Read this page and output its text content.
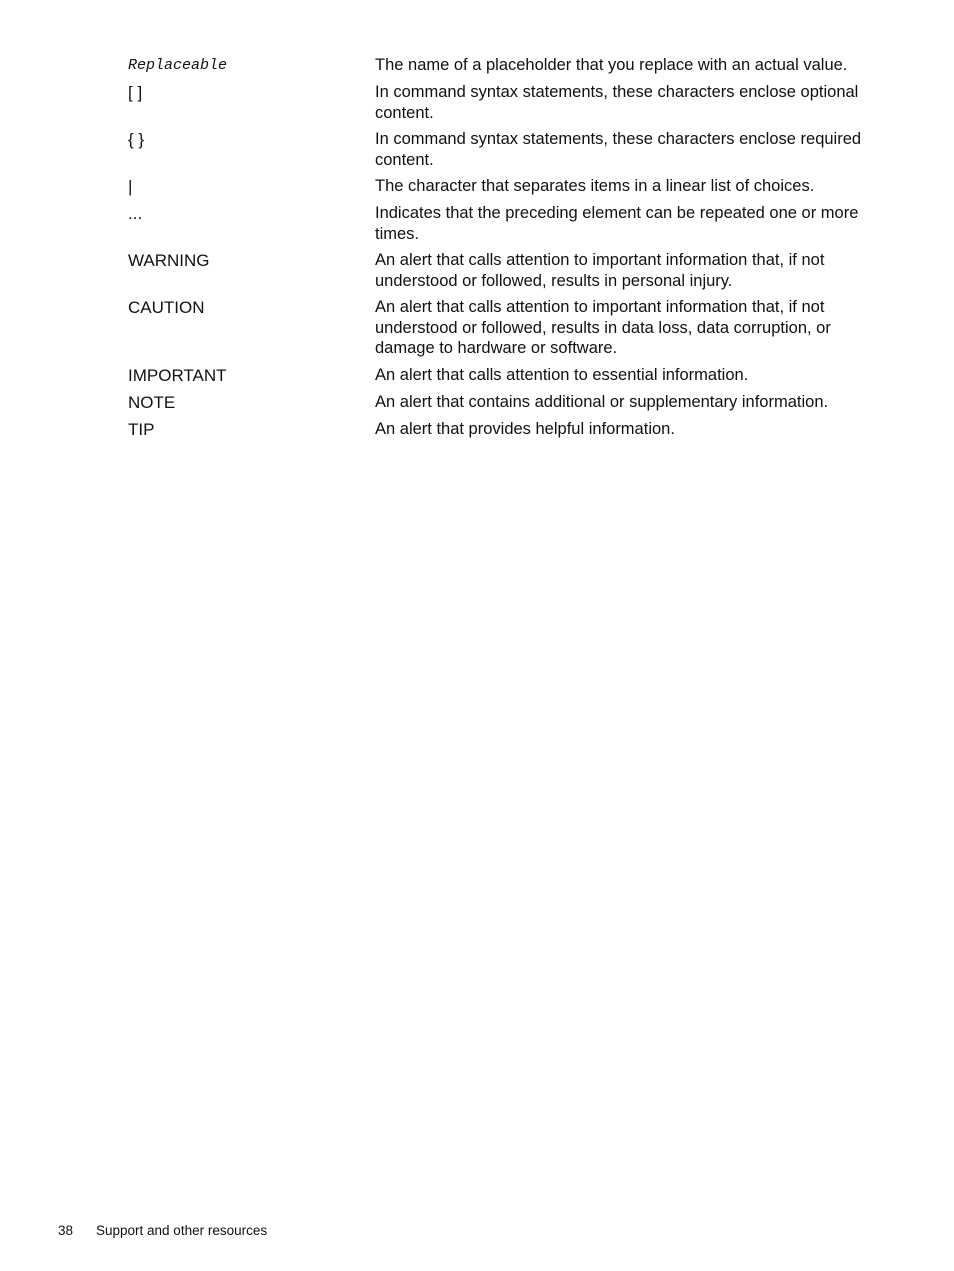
Replaceable	The name of a placeholder that you replace with an actual value.
[ ]	In command syntax statements, these characters enclose optional content.
{ }	In command syntax statements, these characters enclose required content.
|	The character that separates items in a linear list of choices.
...	Indicates that the preceding element can be repeated one or more times.
WARNING	An alert that calls attention to important information that, if not understood or followed, results in personal injury.
CAUTION	An alert that calls attention to important information that, if not understood or followed, results in data loss, data corruption, or damage to hardware or software.
IMPORTANT	An alert that calls attention to essential information.
NOTE	An alert that contains additional or supplementary information.
TIP	An alert that provides helpful information.
38	Support and other resources
